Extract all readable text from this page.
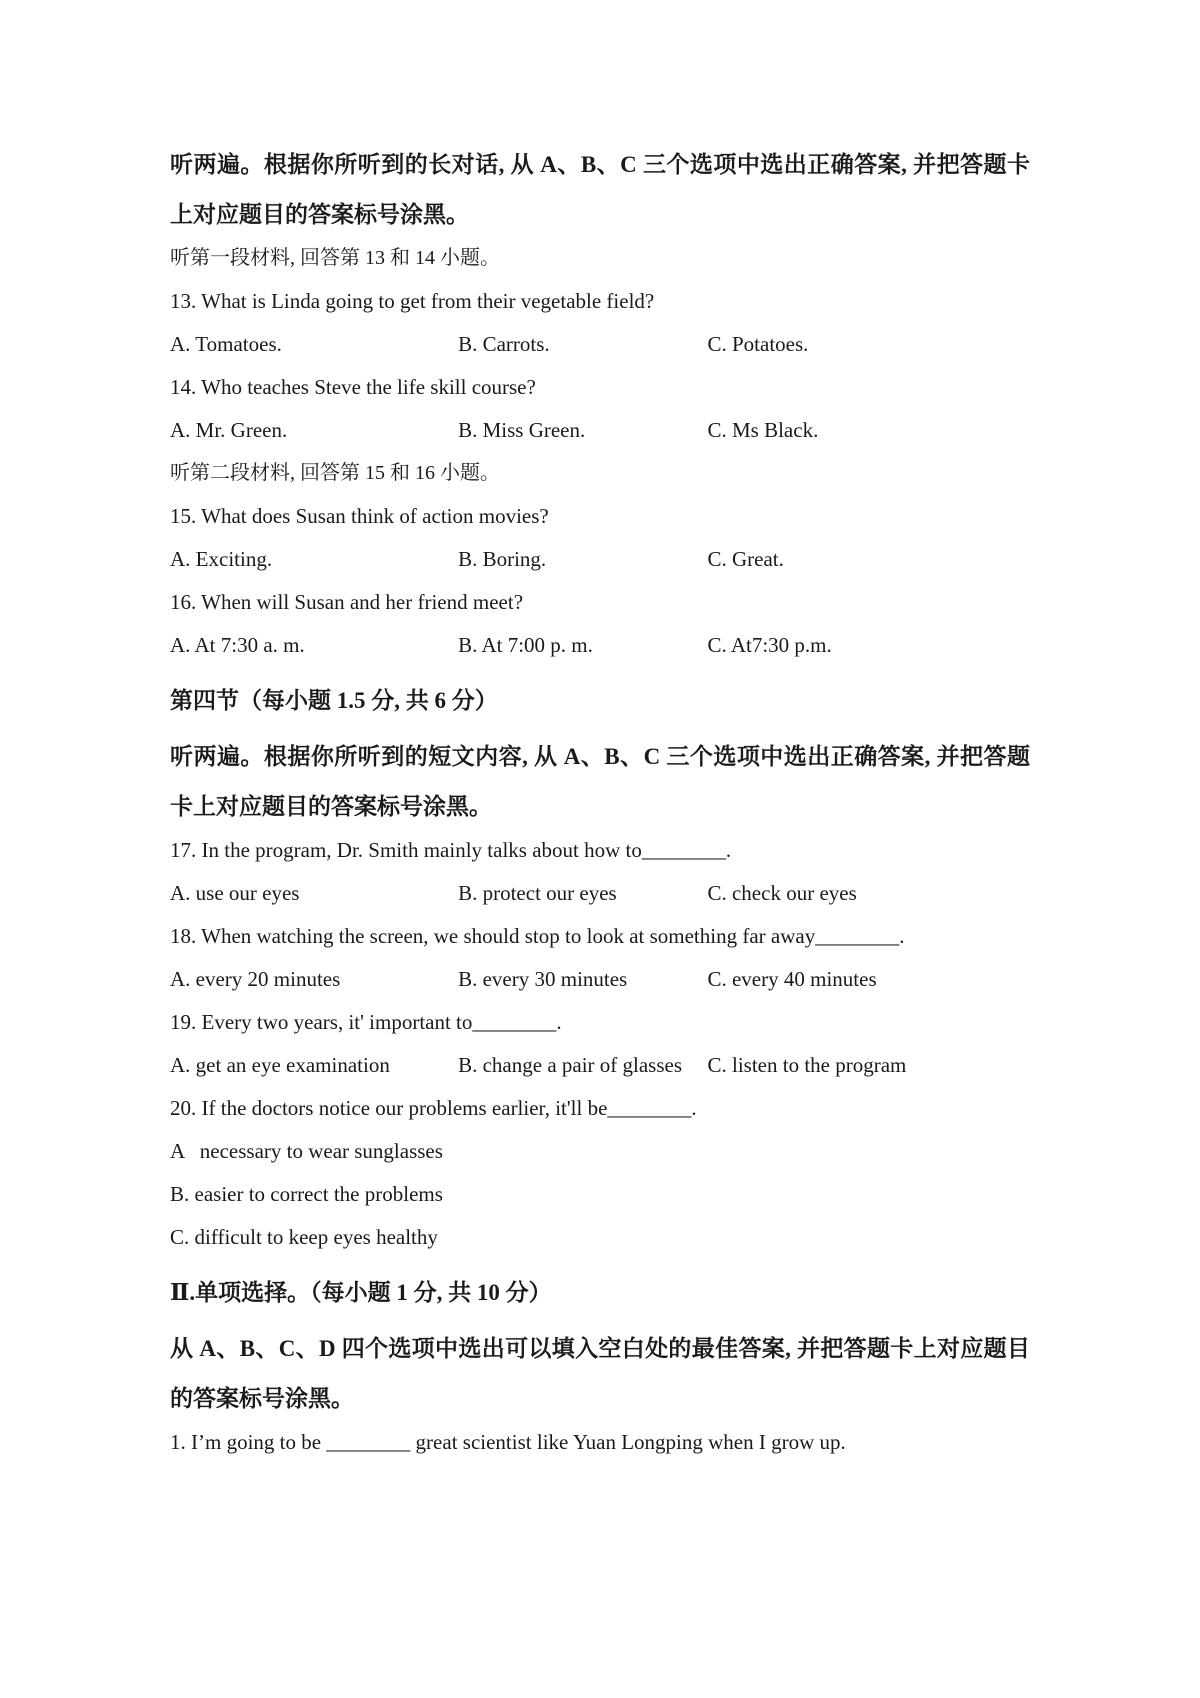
听两遍。根据你所听到的长对话, 从 A、B、C 三个选项中选出正确答案, 并把答题卡上对应题目的答案标号涂黑。
听第一段材料, 回答第 13 和 14 小题。
13. What is Linda going to get from their vegetable field?
A. Tomatoes.	B. Carrots.	C. Potatoes.
14. Who teaches Steve the life skill course?
A. Mr. Green.	B. Miss Green.	C. Ms Black.
听第二段材料, 回答第 15 和 16 小题。
15. What does Susan think of action movies?
A. Exciting.	B. Boring.	C. Great.
16. When will Susan and her friend meet?
A. At 7:30 a. m.	B. At 7:00 p. m.	C. At7:30 p.m.
第四节（每小题 1.5 分, 共 6 分）
听两遍。根据你所听到的短文内容, 从 A、B、C 三个选项中选出正确答案, 并把答题卡上对应题目的答案标号涂黑。
17. In the program, Dr. Smith mainly talks about how to________.
A. use our eyes	B. protect our eyes	C. check our eyes
18. When watching the screen, we should stop to look at something far away________.
A. every 20 minutes	B. every 30 minutes	C. every 40 minutes
19. Every two years, it' important to________.
A. get an eye examination	B. change a pair of glasses	C. listen to the program
20. If the doctors notice our problems earlier, it'll be________.
A   necessary to wear sunglasses
B. easier to correct the problems
C. difficult to keep eyes healthy
Ⅱ.单项选择。（每小题 1 分, 共 10 分）
从 A、B、C、D 四个选项中选出可以填入空白处的最佳答案, 并把答题卡上对应题目的答案标号涂黑。
1. I’m going to be ________ great scientist like Yuan Longping when I grow up.
